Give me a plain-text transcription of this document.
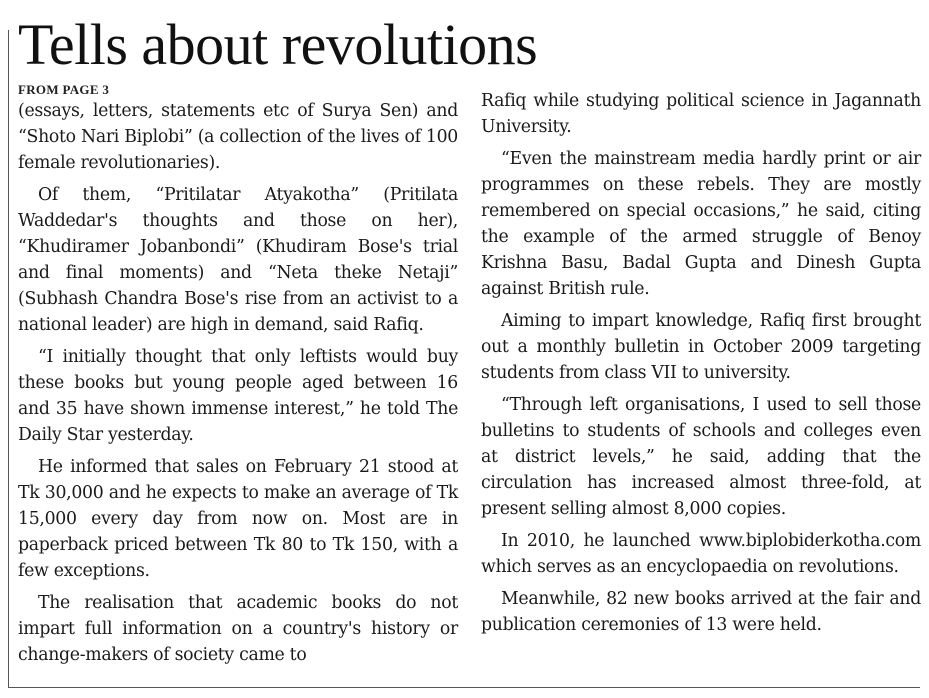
Tells about revolutions
FROM PAGE 3

(essays, letters, statements etc of Surya Sen) and “Shoto Nari Biplobi” (a collection of the lives of 100 female revolutionaries).

Of them, “Pritilatar Atyakotha” (Pritilata Waddedar's thoughts and those on her), “Khudiramer Jobanbondi” (Khudiram Bose's trial and final moments) and “Neta theke Netaji” (Subhash Chandra Bose's rise from an activist to a national leader) are high in demand, said Rafiq.

“I initially thought that only leftists would buy these books but young people aged between 16 and 35 have shown immense interest,” he told The Daily Star yesterday.

He informed that sales on February 21 stood at Tk 30,000 and he expects to make an average of Tk 15,000 every day from now on. Most are in paperback priced between Tk 80 to Tk 150, with a few exceptions.

The realisation that academic books do not impart full information on a country's history or change-makers of society came to

Rafiq while studying political science in Jagannath University.

“Even the mainstream media hardly print or air programmes on these rebels. They are mostly remembered on special occasions,” he said, citing the example of the armed struggle of Benoy Krishna Basu, Badal Gupta and Dinesh Gupta against British rule.

Aiming to impart knowledge, Rafiq first brought out a monthly bulletin in October 2009 targeting students from class VII to university.

“Through left organisations, I used to sell those bulletins to students of schools and colleges even at district levels,” he said, adding that the circulation has increased almost three-fold, at present selling almost 8,000 copies.

In 2010, he launched www.biplobiderkotha.com which serves as an encyclopaedia on revolutions.

Meanwhile, 82 new books arrived at the fair and publication ceremonies of 13 were held.
